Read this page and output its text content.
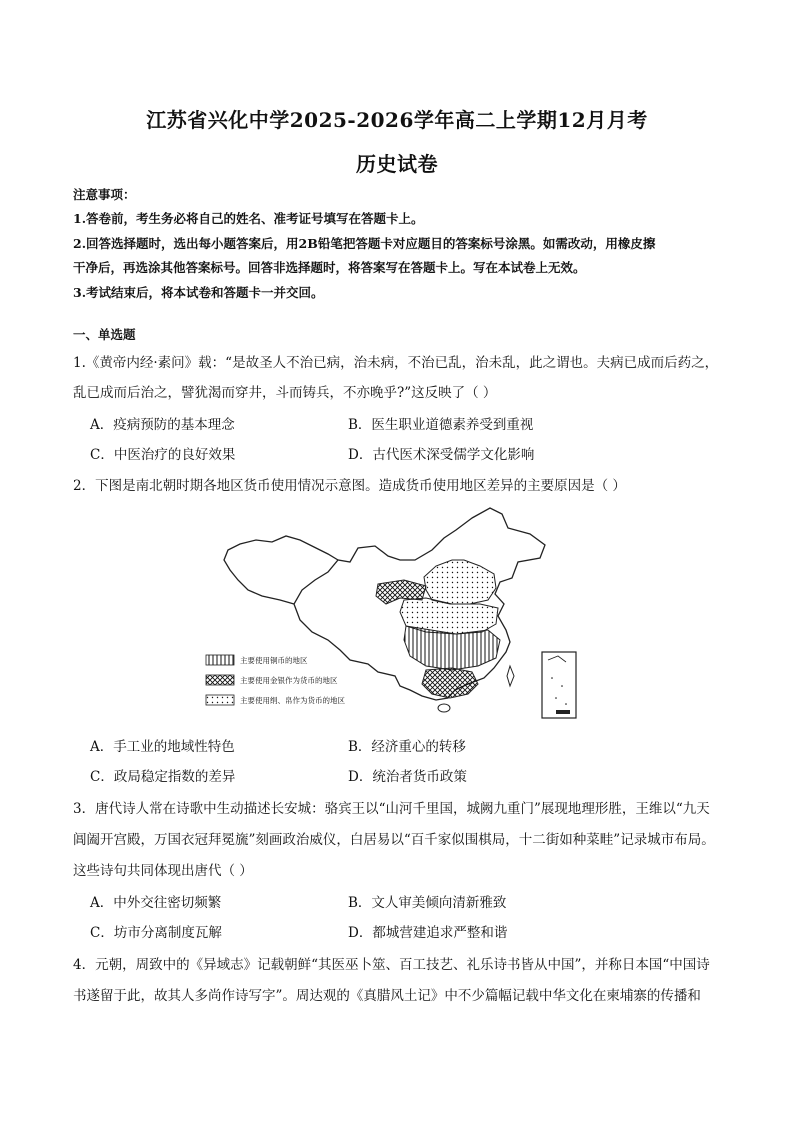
江苏省兴化中学2025-2026学年高二上学期12月月考
历史试卷
注意事项：
1.答卷前，考生务必将自己的姓名、准考证号填写在答题卡上。
2.回答选择题时，选出每小题答案后，用2B铅笔把答题卡对应题目的答案标号涂黑。如需改动，用橡皮擦
干净后，再选涂其他答案标号。回答非选择题时，将答案写在答题卡上。写在本试卷上无效。
3.考试结束后，将本试卷和答题卡一并交回。
一、单选题
1.《黄帝内经·素问》载：“是故圣人不治已病，治未病，不治已乱，治未乱，此之谓也。夫病已成而后药之，
乱已成而后治之，譬犹渴而穿井，斗而铸兵，不亦晚乎?”这反映了（ ）
A．疫病预防的基本理念	B．医生职业道德素养受到重视
C．中医治疗的良好效果	D．古代医术深受儒学文化影响
2．下图是南北朝时期各地区货币使用情况示意图。造成货币使用地区差异的主要原因是（ ）
主要使用铜币的地区
主要使用金银作为货币的地区
主要使用绢、帛作为货币的地区
A．手工业的地域性特色	B．经济重心的转移
C．政局稳定指数的差异	D．统治者货币政策
3．唐代诗人常在诗歌中生动描述长安城：骆宾王以“山河千里国，城阙九重门”展现地理形胜，王维以“九天
阊阖开宫殿，万国衣冠拜冕旒”刻画政治威仪，白居易以“百千家似围棋局，十二街如种菜畦”记录城市布局。
这些诗句共同体现出唐代（ ）
A．中外交往密切频繁	B．文人审美倾向清新雅致
C．坊市分离制度瓦解	D．都城营建追求严整和谐
4．元朝，周致中的《异域志》记载朝鲜“其医巫卜筮、百工技艺、礼乐诗书皆从中国”，并称日本国“中国诗
书遂留于此，故其人多尚作诗写字”。周达观的《真腊风土记》中不少篇幅记载中华文化在柬埔寨的传播和
